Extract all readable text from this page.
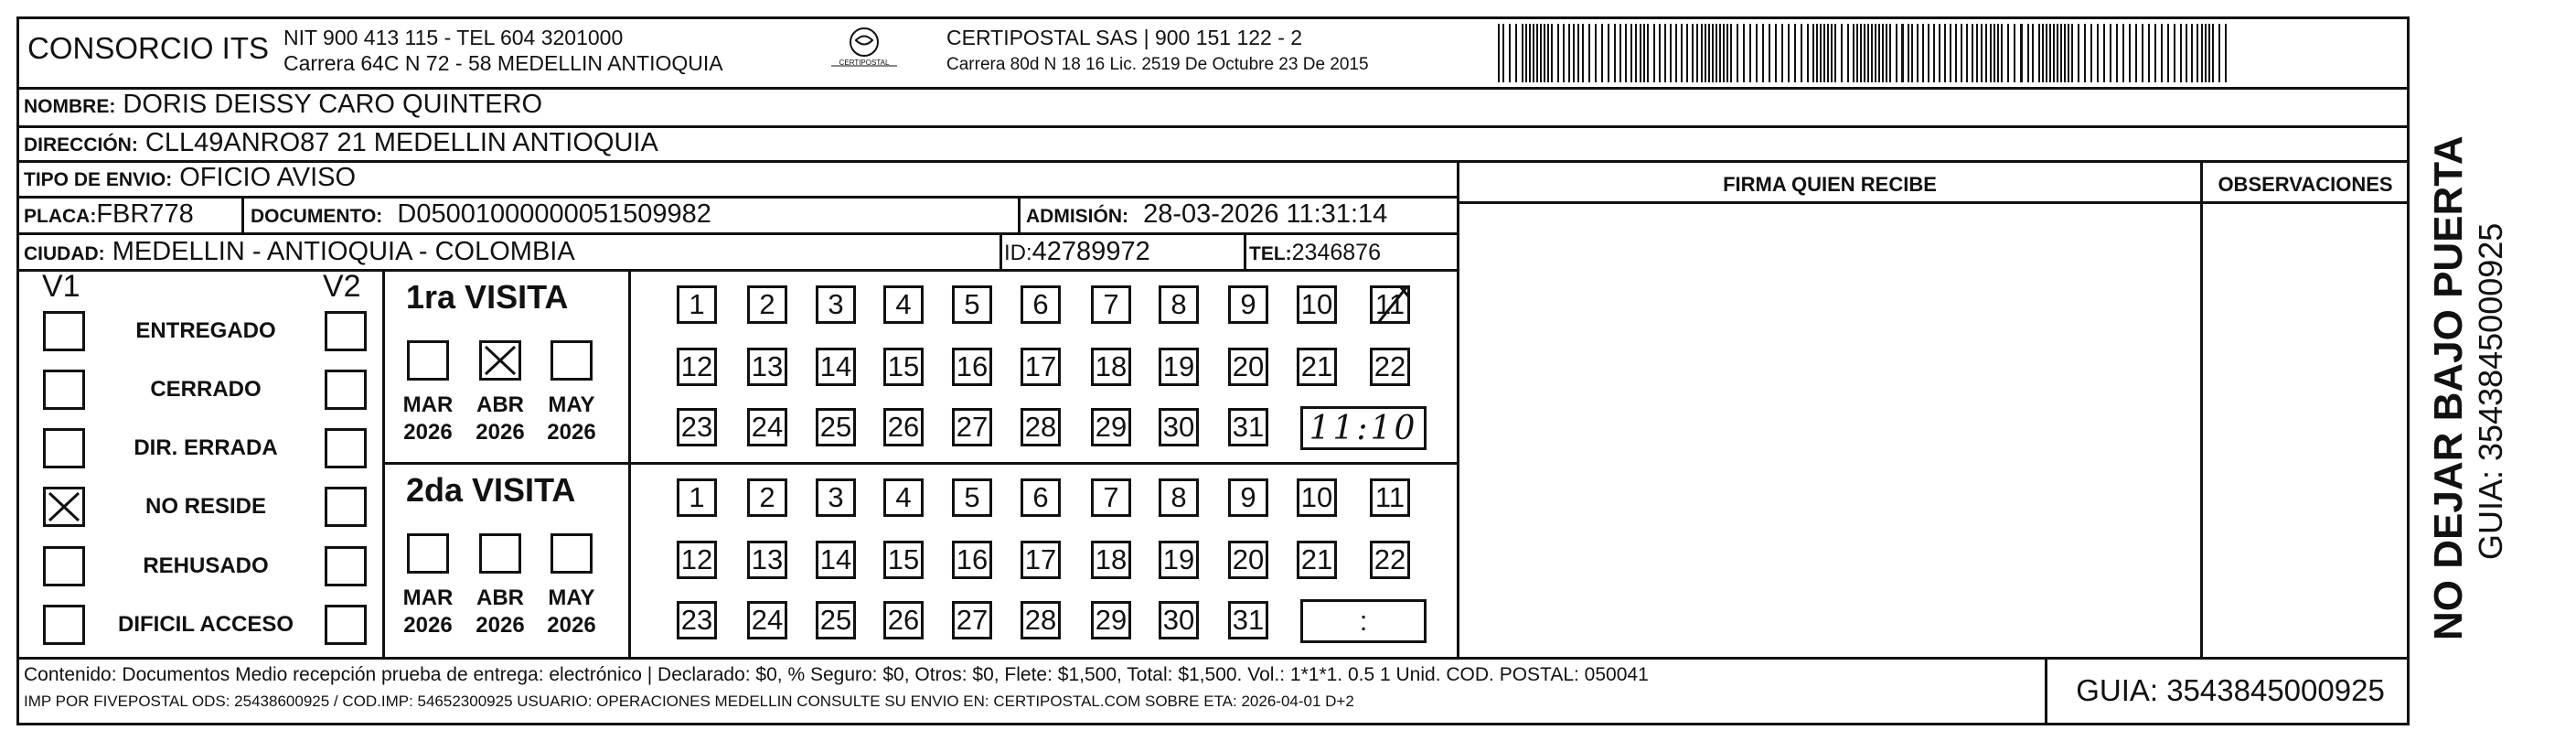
CONSORCIO ITS NIT 900 413 115 - TEL 604 3201000
Carrera 64C N 72 - 58 MEDELLIN ANTIOQUIA	CERTIPOSTAL
CERTIPOSTAL SAS | 900 151 122 - 2
Carrera 80d N 18 16 Lic. 2519 De Octubre 23 De 2015
NOMBRE: DORIS DEISSY CARO QUINTERO
DIRECCIÓN: CLL49ANRO87 21 MEDELLIN ANTIOQUIA
TIPO DE ENVIO: OFICIO AVISO	FIRMA QUIEN RECIBE	OBSERVACIONES
PLACA:FBR778	DOCUMENTO: D05001000000051509982	ADMISIÓN: 28-03-2026 11:31:14
CIUDAD: MEDELLIN - ANTIOQUIA - COLOMBIA	ID:42789972	TEL:2346876
V1	V2
ENTREGADO
CERRADO
DIR. ERRADA
NO RESIDE
REHUSADO
DIFICIL ACCESO
1ra VISITA
MAR
2026
ABR
2026
MAY
2026
1 2 3 4 5 6 7 8 9 10 11
12 13 14 15 16 17 18 19 20 21 22
23 24 25 26 27 28 29 30 31 11:10
2da VISITA
MAR
2026
ABR
2026
MAY
2026
1 2 3 4 5 6 7 8 9 10 11
12 13 14 15 16 17 18 19 20 21 22
23 24 25 26 27 28 29 30 31	:
Contenido: Documentos Medio recepción prueba de entrega: electrónico | Declarado: $0, % Seguro: $0, Otros: $0, Flete: $1,500, Total: $1,500. Vol.: 1*1*1. 0.5 1 Unid. COD. POSTAL: 050041
IMP POR FIVEPOSTAL ODS: 25438600925 / COD.IMP: 54652300925 USUARIO: OPERACIONES MEDELLIN CONSULTE SU ENVIO EN: CERTIPOSTAL.COM SOBRE ETA: 2026-04-01 D+2	GUIA: 3543845000925
NO DEJAR BAJO PUERTA GUIA: 3543845000925
